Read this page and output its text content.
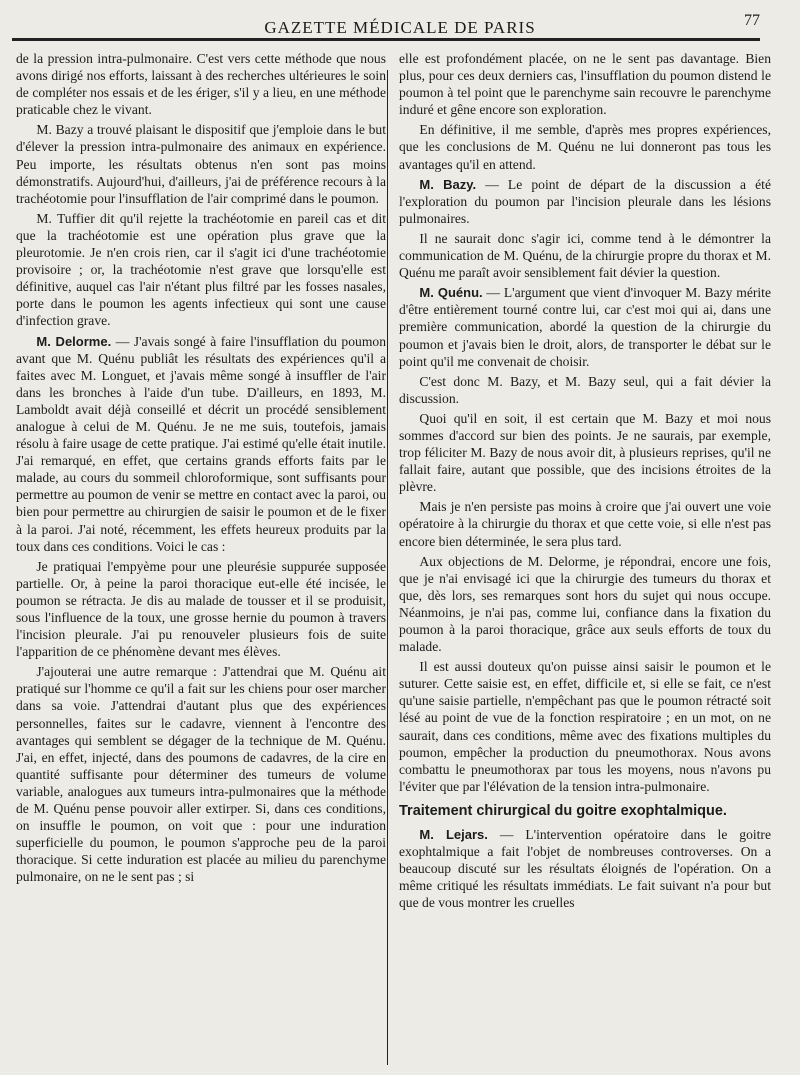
GAZETTE MÉDICALE DE PARIS	77

de la pression intra-pulmonaire. C'est vers cette méthode que nous avons dirigé nos efforts, laissant à des recherches ultérieures le soin de compléter nos essais et de les ériger, s'il y a lieu, en une méthode praticable chez le vivant.

M. Bazy a trouvé plaisant le dispositif que j'emploie dans le but d'élever la pression intra-pulmonaire des animaux en expérience. Peu importe, les résultats obtenus n'en sont pas moins démonstratifs. Aujourd'hui, d'ailleurs, j'ai de préférence recours à la trachéotomie pour l'insufflation de l'air comprimé dans le poumon.

M. Tuffier dit qu'il rejette la trachéotomie en pareil cas et dit que la trachéotomie est une opération plus grave que la pleurotomie. Je n'en crois rien, car il s'agit ici d'une trachéotomie provisoire ; or, la trachéotomie n'est grave que lorsqu'elle est définitive, auquel cas l'air n'étant plus filtré par les fosses nasales, porte dans le poumon les agents infectieux qui sont une cause d'infection grave.

M. Delorme. — J'avais songé à faire l'insufflation du poumon avant que M. Quénu publiât les résultats des expériences qu'il a faites avec M. Longuet, et j'avais même songé à insuffler de l'air dans les bronches à l'aide d'un tube. D'ailleurs, en 1893, M. Lamboldt avait déjà conseillé et décrit un procédé sensiblement analogue à celui de M. Quénu. Je ne me suis, toutefois, jamais résolu à faire usage de cette pratique. J'ai estimé qu'elle était inutile. J'ai remarqué, en effet, que certains grands efforts faits par le malade, au cours du sommeil chloroformique, sont suffisants pour permettre au poumon de venir se mettre en contact avec la paroi, ou bien pour permettre au chirurgien de saisir le poumon et de le fixer à la paroi. J'ai noté, récemment, les effets heureux produits par la toux dans ces conditions. Voici le cas :

Je pratiquai l'empyème pour une pleurésie suppurée supposée partielle. Or, à peine la paroi thoracique eut-elle été incisée, le poumon se rétracta. Je dis au malade de tousser et il se produisit, sous l'influence de la toux, une grosse hernie du poumon à travers l'incision pleurale. J'ai pu renouveler plusieurs fois de suite l'apparition de ce phénomène devant mes élèves.

J'ajouterai une autre remarque : J'attendrai que M. Quénu ait pratiqué sur l'homme ce qu'il a fait sur les chiens pour oser marcher dans sa voie. J'attendrai d'autant plus que des expériences personnelles, faites sur le cadavre, viennent à l'encontre des avantages qui semblent se dégager de la technique de M. Quénu. J'ai, en effet, injecté, dans des poumons de cadavres, de la cire en quantité suffisante pour déterminer des tumeurs de volume variable, analogues aux tumeurs intra-pulmonaires que la méthode de M. Quénu pense pouvoir aller extirper. Si, dans ces conditions, on insuffle le poumon, on voit que : pour une induration superficielle du poumon, le poumon s'approche peu de la paroi thoracique. Si cette induration est placée au milieu du parenchyme pulmonaire, on ne le sent pas ; si

elle est profondément placée, on ne le sent pas davantage. Bien plus, pour ces deux derniers cas, l'insufflation du poumon distend le poumon à tel point que le parenchyme sain recouvre le parenchyme induré et gêne encore son exploration.

En définitive, il me semble, d'après mes propres expériences, que les conclusions de M. Quénu ne lui donneront pas tous les avantages qu'il en attend.

M. Bazy. — Le point de départ de la discussion a été l'exploration du poumon par l'incision pleurale dans les lésions pulmonaires.

Il ne saurait donc s'agir ici, comme tend à le démontrer la communication de M. Quénu, de la chirurgie propre du thorax et M. Quénu me paraît avoir sensiblement fait dévier la question.

M. Quénu. — L'argument que vient d'invoquer M. Bazy mérite d'être entièrement tourné contre lui, car c'est moi qui ai, dans une première communication, abordé la question de la chirurgie du poumon et j'avais bien le droit, alors, de transporter le débat sur le point qu'il me convenait de choisir.

C'est donc M. Bazy, et M. Bazy seul, qui a fait dévier la discussion.

Quoi qu'il en soit, il est certain que M. Bazy et moi nous sommes d'accord sur bien des points. Je ne saurais, par exemple, trop féliciter M. Bazy de nous avoir dit, à plusieurs reprises, qu'il ne fallait faire, autant que possible, que des incisions étroites de la plèvre.

Mais je n'en persiste pas moins à croire que j'ai ouvert une voie opératoire à la chirurgie du thorax et que cette voie, si elle n'est pas encore bien déterminée, le sera plus tard.

Aux objections de M. Delorme, je répondrai, encore une fois, que je n'ai envisagé ici que la chirurgie des tumeurs du thorax et que, dès lors, ses remarques sont hors du sujet qui nous occupe. Néanmoins, je n'ai pas, comme lui, confiance dans la fixation du poumon à la paroi thoracique, grâce aux seuls efforts de toux du malade.

Il est aussi douteux qu'on puisse ainsi saisir le poumon et le suturer. Cette saisie est, en effet, difficile et, si elle se fait, ce n'est qu'une saisie partielle, n'empêchant pas que le poumon rétracté soit lésé au point de vue de la fonction respiratoire ; en un mot, on ne saurait, dans ces conditions, même avec des fixations multiples du poumon, empêcher la production du pneumothorax. Nous avons combattu le pneumothorax par tous les moyens, nous n'avons pu l'éviter que par l'élévation de la tension intra-pulmonaire.

Traitement chirurgical du goitre exophtalmique.

M. Lejars. — L'intervention opératoire dans le goitre exophtalmique a fait l'objet de nombreuses controverses. On a beaucoup discuté sur les résultats éloignés de l'opération. On a même critiqué les résultats immédiats. Le fait suivant n'a pour but que de vous montrer les cruelles
